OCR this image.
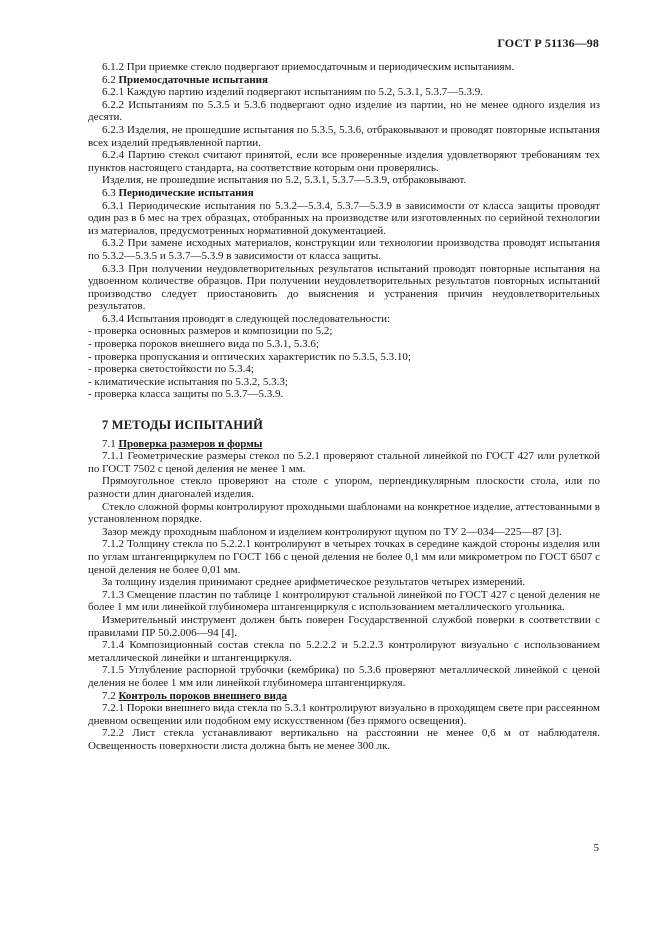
ГОСТ Р 51136—98

6.1.2 При приемке стекло подвергают приемосдаточным и периодическим испытаниям.

6.2 Приемосдаточные испытания

6.2.1 Каждую партию изделий подвергают испытаниям по 5.2, 5.3.1, 5.3.7—5.3.9.

6.2.2 Испытаниям по 5.3.5 и 5.3.6 подвергают одно изделие из партии, но не менее одного изделия из десяти.

6.2.3 Изделия, не прошедшие испытания по 5.3.5, 5.3.6, отбраковывают и проводят повторные испытания всех изделий предъявленной партии.

6.2.4 Партию стекол считают принятой, если все проверенные изделия удовлетворяют требованиям тех пунктов настоящего стандарта, на соответствие которым они проверялись.

Изделия, не прошедшие испытания по 5.2, 5.3.1, 5.3.7—5.3.9, отбраковывают.

6.3 Периодические испытания

6.3.1 Периодические испытания по 5.3.2—5.3.4, 5.3.7—5.3.9 в зависимости от класса защиты проводят один раз в 6 мес на трех образцах, отобранных на производстве или изготовленных по серийной технологии из материалов, предусмотренных нормативной документацией.

6.3.2 При замене исходных материалов, конструкции или технологии производства проводят испытания по 5.3.2—5.3.5 и 5.3.7—5.3.9 в зависимости от класса защиты.

6.3.3 При получении неудовлетворительных результатов испытаний проводят повторные испытания на удвоенном количестве образцов. При получении неудовлетворительных результатов повторных испытаний производство следует приостановить до выяснения и устранения причин неудовлетворительных результатов.

6.3.4 Испытания проводят в следующей последовательности:

- проверка основных размеров и композиции по 5.2;

- проверка пороков внешнего вида по 5.3.1, 5.3.6;

- проверка пропускания и оптических характеристик по 5.3.5, 5.3.10;

- проверка светостойкости по 5.3.4;

- климатические испытания по 5.3.2, 5.3.3;

- проверка класса защиты по 5.3.7—5.3.9.

7 МЕТОДЫ ИСПЫТАНИЙ

7.1 Проверка размеров и формы

7.1.1 Геометрические размеры стекол по 5.2.1 проверяют стальной линейкой по ГОСТ 427 или рулеткой по ГОСТ 7502 с ценой деления не менее 1 мм.

Прямоугольное стекло проверяют на столе с упором, перпендикулярным плоскости стола, или по разности длин диагоналей изделия.

Стекло сложной формы контролируют проходными шаблонами на конкретное изделие, аттестованными в установленном порядке.

Зазор между проходным шаблоном и изделием контролируют щупом по ТУ 2—034—225—87 [3].

7.1.2 Толщину стекла по 5.2.2.1 контролируют в четырех точках в середине каждой стороны изделия или по углам штангенциркулем по ГОСТ 166 с ценой деления не более 0,1 мм или микрометром по ГОСТ 6507 с ценой деления не более 0,01 мм.

За толщину изделия принимают среднее арифметическое результатов четырех измерений.

7.1.3 Смещение пластин по таблице 1 контролируют стальной линейкой по ГОСТ 427 с ценой деления не более 1 мм или линейкой глубиномера штангенциркуля с использованием металлического угольника.

Измерительный инструмент должен быть поверен Государственной службой поверки в соответствии с правилами ПР 50.2.006—94 [4].

7.1.4 Композиционный состав стекла по 5.2.2.2 и 5.2.2.3 контролируют визуально с использованием металлической линейки и штангенциркуля.

7.1.5 Углубление распорной трубочки (кембрика) по 5.3.6 проверяют металлической линейкой с ценой деления не более 1 мм или линейкой глубиномера штангенциркуля.

7.2 Контроль пороков внешнего вида

7.2.1 Пороки внешнего вида стекла по 5.3.1 контролируют визуально в проходящем свете при рассеянном дневном освещении или подобном ему искусственном (без прямого освещения).

7.2.2 Лист стекла устанавливают вертикально на расстоянии не менее 0,6 м от наблюдателя. Освещенность поверхности листа должна быть не менее 300 лк.

5
